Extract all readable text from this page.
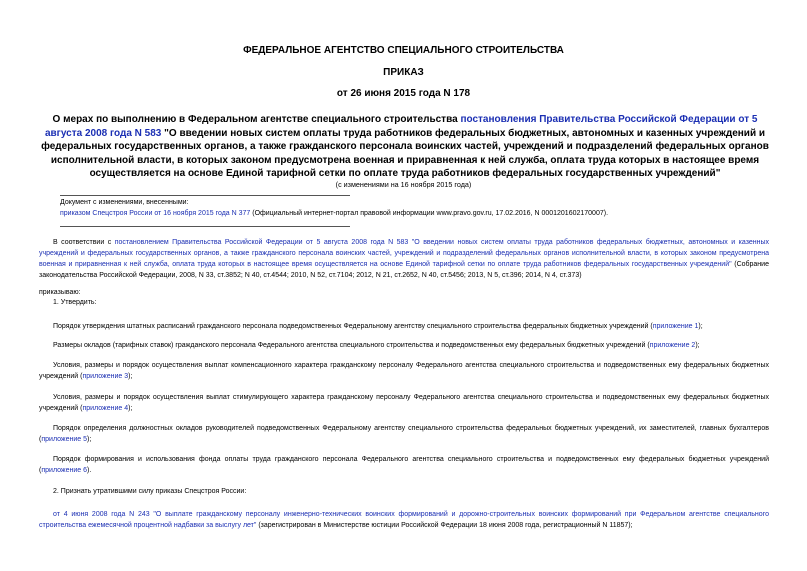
ФЕДЕРАЛЬНОЕ АГЕНТСТВО СПЕЦИАЛЬНОГО СТРОИТЕЛЬСТВА
ПРИКАЗ
от 26 июня 2015 года N 178
О мерах по выполнению в Федеральном агентстве специального строительства постановления Правительства Российской Федерации от 5 августа 2008 года N 583 "О введении новых систем оплаты труда работников федеральных бюджетных, автономных и казенных учреждений и федеральных государственных органов, а также гражданского персонала воинских частей, учреждений и подразделений федеральных органов исполнительной власти, в которых законом предусмотрена военная и приравненная к ней служба, оплата труда которых в настоящее время осуществляется на основе Единой тарифной сетки по оплате труда работников федеральных государственных учреждений"
(с изменениями на 16 ноября 2015 года)
Документ с изменениями, внесенными:
приказом Спецстроя России от 16 ноября 2015 года N 377 (Официальный интернет-портал правовой информации www.pravo.gov.ru, 17.02.2016, N 0001201602170007).
В соответствии с постановлением Правительства Российской Федерации от 5 августа 2008 года N 583 "О введении новых систем оплаты труда работников федеральных бюджетных, автономных и казенных учреждений и федеральных государственных органов, а также гражданского персонала воинских частей, учреждений и подразделений федеральных органов исполнительной власти, в которых законом предусмотрена военная и приравненная к ней служба, оплата труда которых в настоящее время осуществляется на основе Единой тарифной сетки по оплате труда работников федеральных государственных учреждений" (Собрание законодательства Российской Федерации, 2008, N 33, ст.3852; N 40, ст.4544; 2010, N 52, ст.7104; 2012, N 21, ст.2652, N 40, ст.5456; 2013, N 5, ст.396; 2014, N 4, ст.373)
приказываю:
1. Утвердить:
Порядок утверждения штатных расписаний гражданского персонала подведомственных Федеральному агентству специального строительства федеральных бюджетных учреждений (приложение 1);
Размеры окладов (тарифных ставок) гражданского персонала Федерального агентства специального строительства и подведомственных ему федеральных бюджетных учреждений (приложение 2);
Условия, размеры и порядок осуществления выплат компенсационного характера гражданскому персоналу Федерального агентства специального строительства и подведомственных ему федеральных бюджетных учреждений (приложение 3);
Условия, размеры и порядок осуществления выплат стимулирующего характера гражданскому персоналу Федерального агентства специального строительства и подведомственных ему федеральных бюджетных учреждений (приложение 4);
Порядок определения должностных окладов руководителей подведомственных Федеральному агентству специального строительства федеральных бюджетных учреждений, их заместителей, главных бухгалтеров (приложение 5);
Порядок формирования и использования фонда оплаты труда гражданского персонала Федерального агентства специального строительства и подведомственных ему федеральных бюджетных учреждений (приложение 6).
2. Признать утратившими силу приказы Спецстроя России:
от 4 июня 2008 года N 243 "О выплате гражданскому персоналу инженерно-технических воинских формирований и дорожно-строительных воинских формирований при Федеральном агентстве специального строительства ежемесячной процентной надбавки за выслугу лет" (зарегистрирован в Министерстве юстиции Российской Федерации 18 июня 2008 года, регистрационный N 11857);
